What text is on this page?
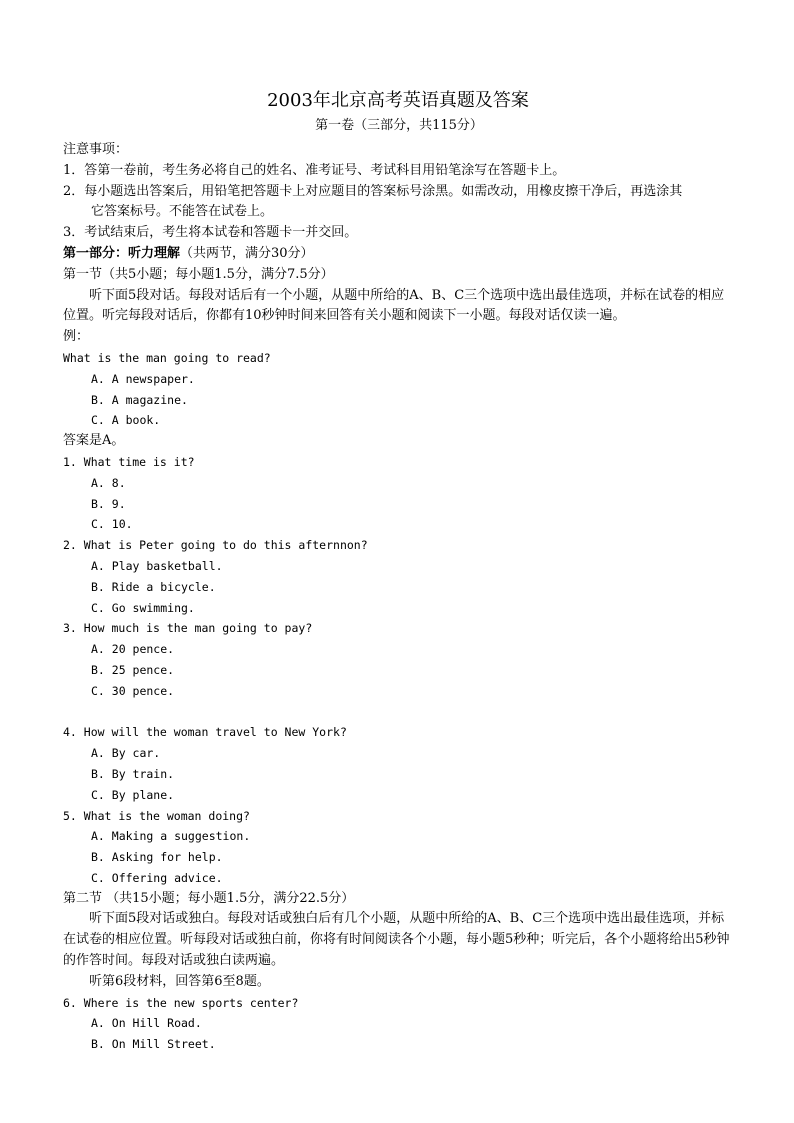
2003年北京高考英语真题及答案
第一卷（三部分，共115分）
注意事项：
1．答第一卷前，考生务必将自己的姓名、准考证号、考试科目用铅笔涂写在答题卡上。
2．每小题选出答案后，用铅笔把答题卡上对应题目的答案标号涂黑。如需改动，用橡皮擦干净后，再选涂其
它答案标号。不能答在试卷上。
3．考试结束后，考生将本试卷和答题卡一并交回。
第一部分：听力理解（共两节，满分30分）
第一节（共5小题；每小题1.5分，满分7.5分）

听下面5段对话。每段对话后有一个小题，从题中所给的A、B、C三个选项中选出最佳选项，并标在试卷的相应位置。听完每段对话后，你都有10秒钟时间来回答有关小题和阅读下一小题。每段对话仅读一遍。

例：
What is the man going to read?
A. A newspaper.
B. A magazine.
C. A book.
答案是A。
1. What time is it?
A. 8.
B. 9.
C. 10.
2. What is Peter going to do this afternnon?
A. Play basketball.
B. Ride a bicycle.
C. Go swimming.
3. How much is the man going to pay?
A. 20 pence.
B. 25 pence.
C. 30 pence.
4. How will the woman travel to New York?
A. By car.
B. By train.
C. By plane.
5. What is the woman doing?
A. Making a suggestion.
B. Asking for help.
C. Offering advice.
第二节 （共15小题；每小题1.5分，满分22.5分）

听下面5段对话或独白。每段对话或独白后有几个小题，从题中所给的A、B、C三个选项中选出最佳选项，并标在试卷的相应位置。听每段对话或独白前，你将有时间阅读各个小题，每小题5秒种；听完后，各个小题将给出5秒钟的作答时间。每段对话或独白读两遍。

听第6段材料，回答第6至8题。

6. Where is the new sports center?
A. On Hill Road.
B. On Mill Street.
